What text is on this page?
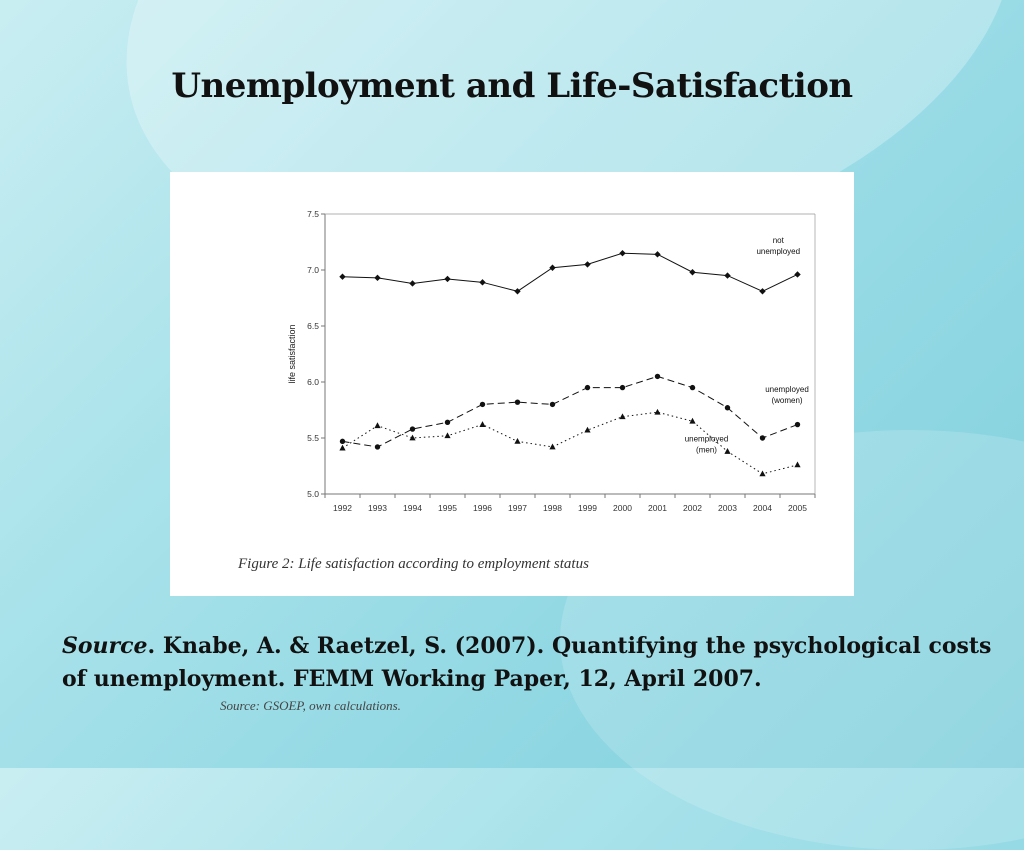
Unemployment and Life-Satisfaction
5.0
5.5
6.0
6.5
7.0
7.5
1992 1993 1994 1995 1996 1997 1998 1999 2000 2001 2002 2003 2004 2005
life satisfaction
not
unemployed
unemployed
(women)
unemployed
(men)
Source: GSOEP, own calculations.
Figure 2: Life satisfaction according to employment status
Source. Knabe, A. & Raetzel, S. (2007). Quantifying the psychological costs of unemployment. FEMM Working Paper, 12, April 2007.
